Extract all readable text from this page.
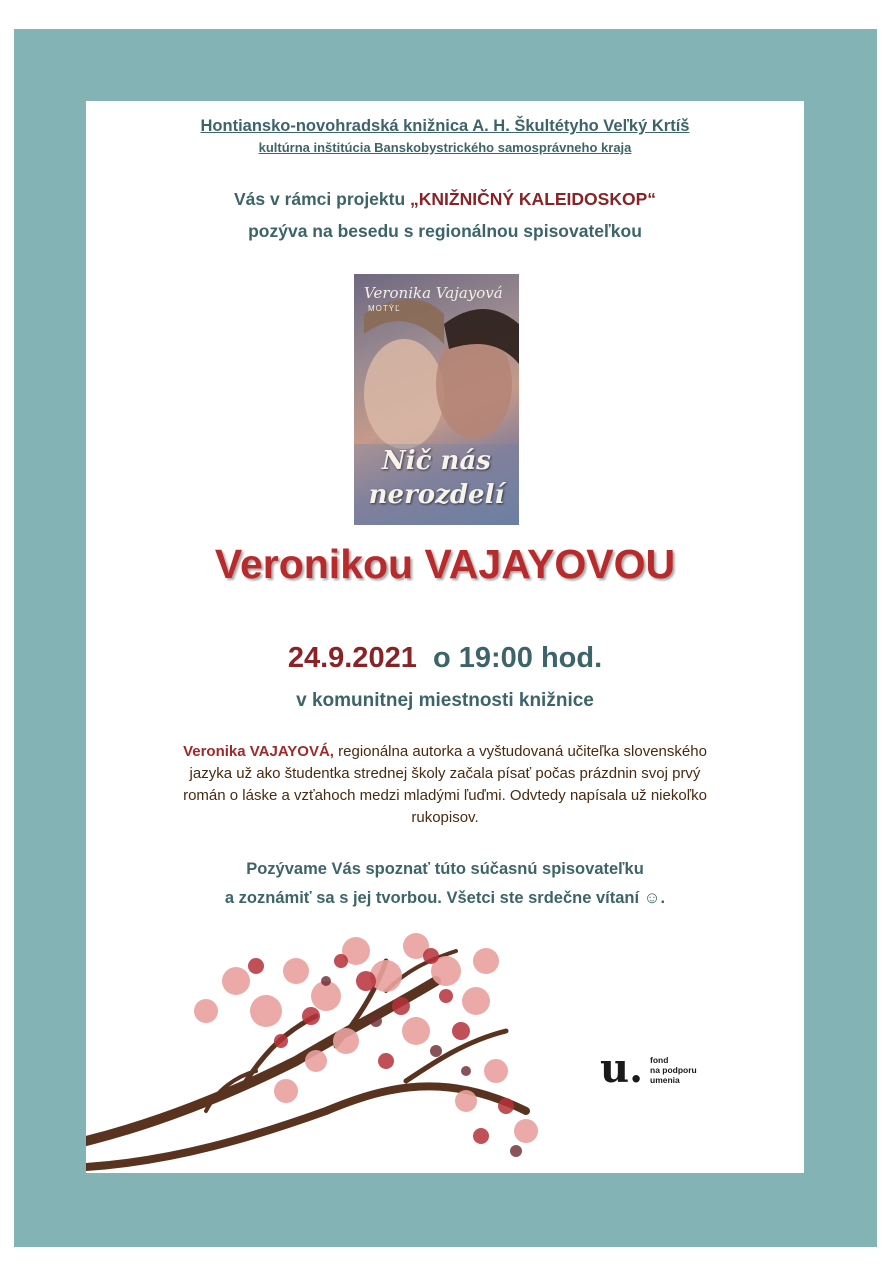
Hontiansko-novohradská knižnica A. H. Škultétyho Veľký Krtíš
kultúrna inštitúcia Banskobystrického samosprávneho kraja
Vás v rámci projektu „KNIŽNIČNÝ KALEIDOSKOP“
pozýva na besedu s regionálnou spisovateľkou
Veronika Vajayová
MOTÝĽ
Nič nás
nerozdelí
Veronikou VAJAYOVOU
24.9.2021 o 19:00 hod.
v komunitnej miestnosti knižnice
Veronika VAJAYOVÁ, regionálna autorka a vyštudovaná učiteľka slovenského jazyka už ako študentka strednej školy začala písať počas prázdnin svoj prvý román o láske a vzťahoch medzi mladými ľuďmi. Odvtedy napísala už niekoľko rukopisov.
Pozývame Vás spoznať túto súčasnú spisovateľku
a zoznámiť sa s jej tvorbou. Všetci ste srdečne vítaní ☺.
u. fond
na podporu
umenia
